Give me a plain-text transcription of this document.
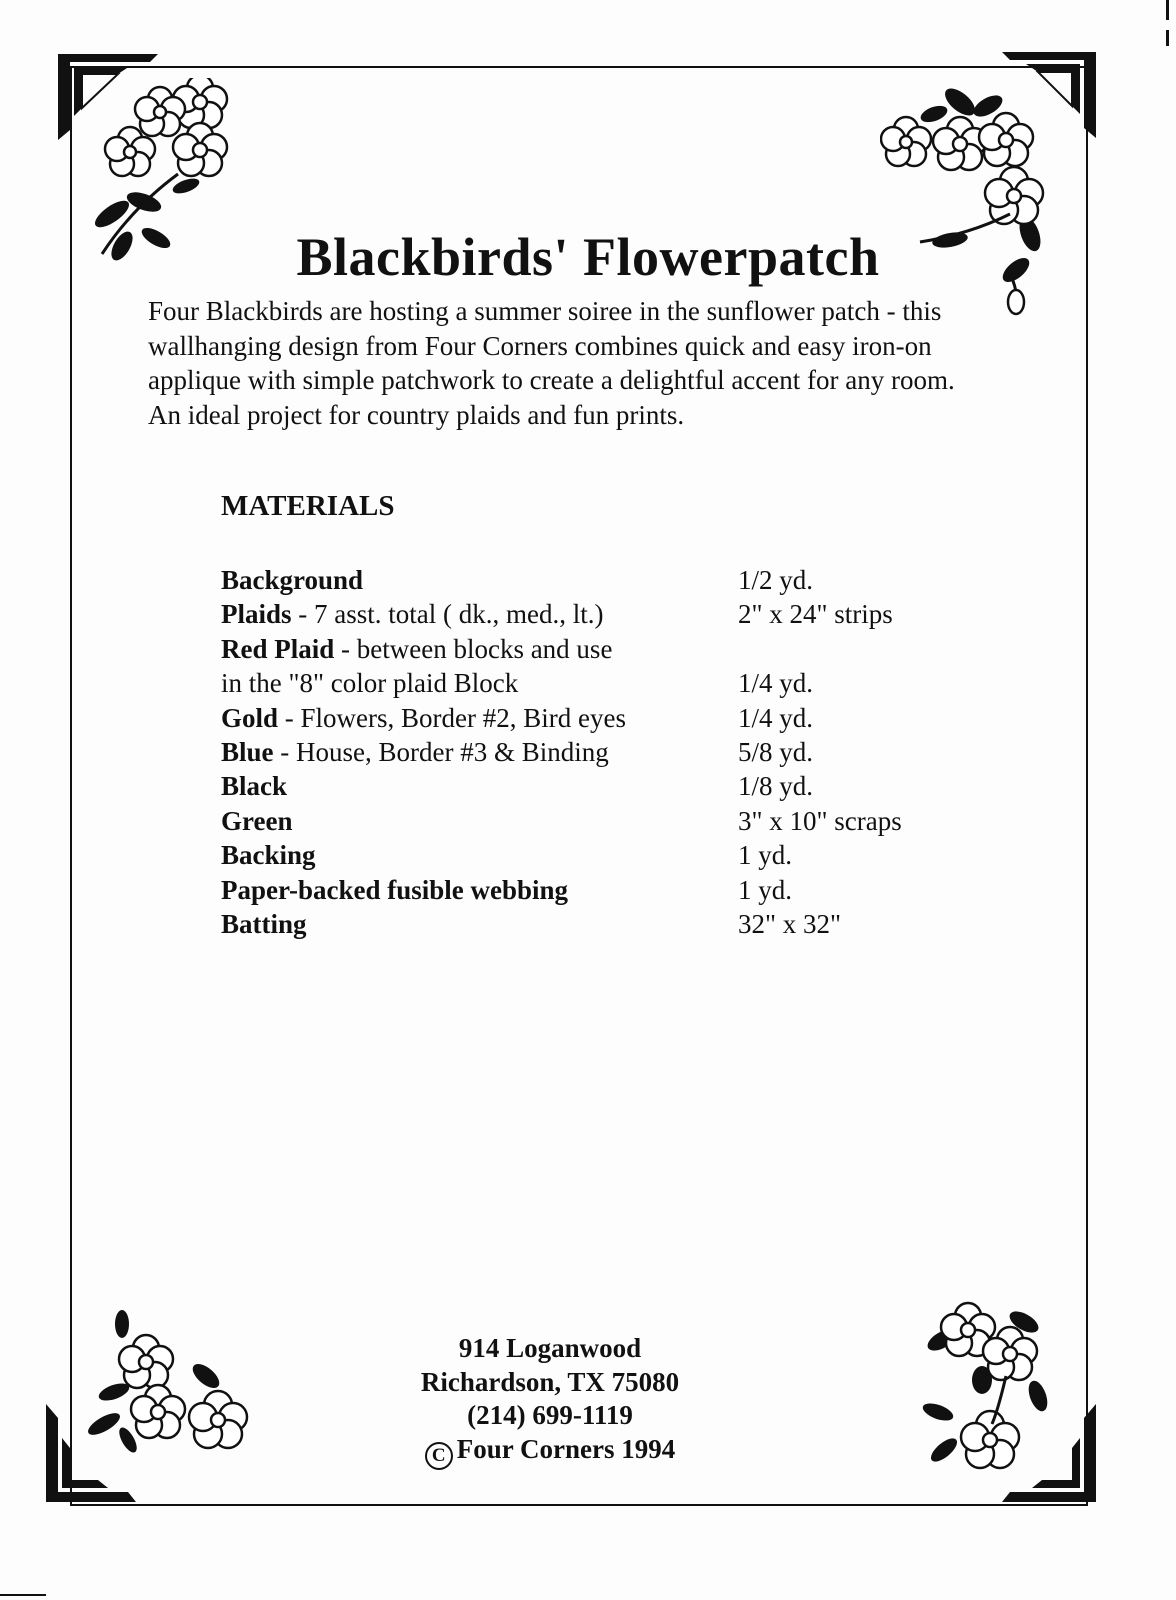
Blackbirds' Flowerpatch
Four Blackbirds are hosting a summer soiree in the sunflower patch - this
wallhanging design from Four Corners combines quick and easy iron-on
applique with simple patchwork to create a delightful accent for any room.
An ideal project for country plaids and fun prints.
MATERIALS
Background	1/2 yd.
Plaids - 7 asst. total ( dk., med., lt.)	2" x 24" strips
Red Plaid - between blocks and use
in the "8" color plaid Block	1/4 yd.
Gold - Flowers, Border #2, Bird eyes	1/4 yd.
Blue - House, Border #3 & Binding	5/8 yd.
Black	1/8 yd.
Green	3" x 10" scraps
Backing	1 yd.
Paper-backed fusible webbing	1 yd.
Batting	32" x 32"
914 Loganwood
Richardson, TX 75080
(214) 699-1119
C Four Corners 1994
